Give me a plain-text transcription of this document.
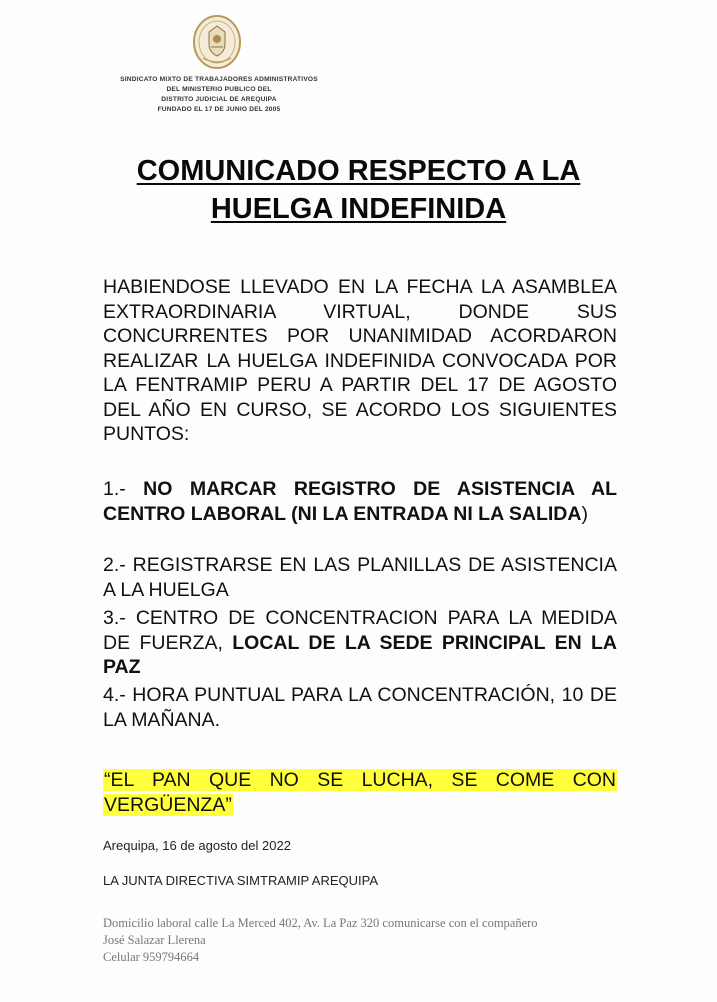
SINDICATO MIXTO DE TRABAJADORES ADMINISTRATIVOS
DEL MINISTERIO PUBLICO DEL
DISTRITO JUDICIAL DE AREQUIPA
FUNDADO EL 17 DE JUNIO DEL 2005
COMUNICADO RESPECTO A LA
HUELGA INDEFINIDA
HABIENDOSE LLEVADO EN LA FECHA LA ASAMBLEA EXTRAORDINARIA VIRTUAL, DONDE SUS CONCURRENTES POR UNANIMIDAD ACORDARON REALIZAR LA HUELGA INDEFINIDA CONVOCADA POR LA FENTRAMIP PERU A PARTIR DEL 17 DE AGOSTO DEL AÑO EN CURSO, SE ACORDO LOS SIGUIENTES PUNTOS:
1.- NO MARCAR REGISTRO DE ASISTENCIA AL CENTRO LABORAL (NI LA ENTRADA NI LA SALIDA)
2.- REGISTRARSE EN LAS PLANILLAS DE ASISTENCIA A LA HUELGA
3.- CENTRO DE CONCENTRACION PARA LA MEDIDA DE FUERZA, LOCAL DE LA SEDE PRINCIPAL EN LA PAZ
4.- HORA PUNTUAL PARA LA CONCENTRACIÓN, 10 DE LA MAÑANA.
“EL PAN QUE NO SE LUCHA, SE COME CON VERGÜENZA”
Arequipa, 16 de agosto del 2022
LA JUNTA DIRECTIVA SIMTRAMIP AREQUIPA
Domicilio laboral calle La Merced 402, Av. La Paz 320 comunicarse con el compañero
José Salazar Llerena
Celular 959794664
